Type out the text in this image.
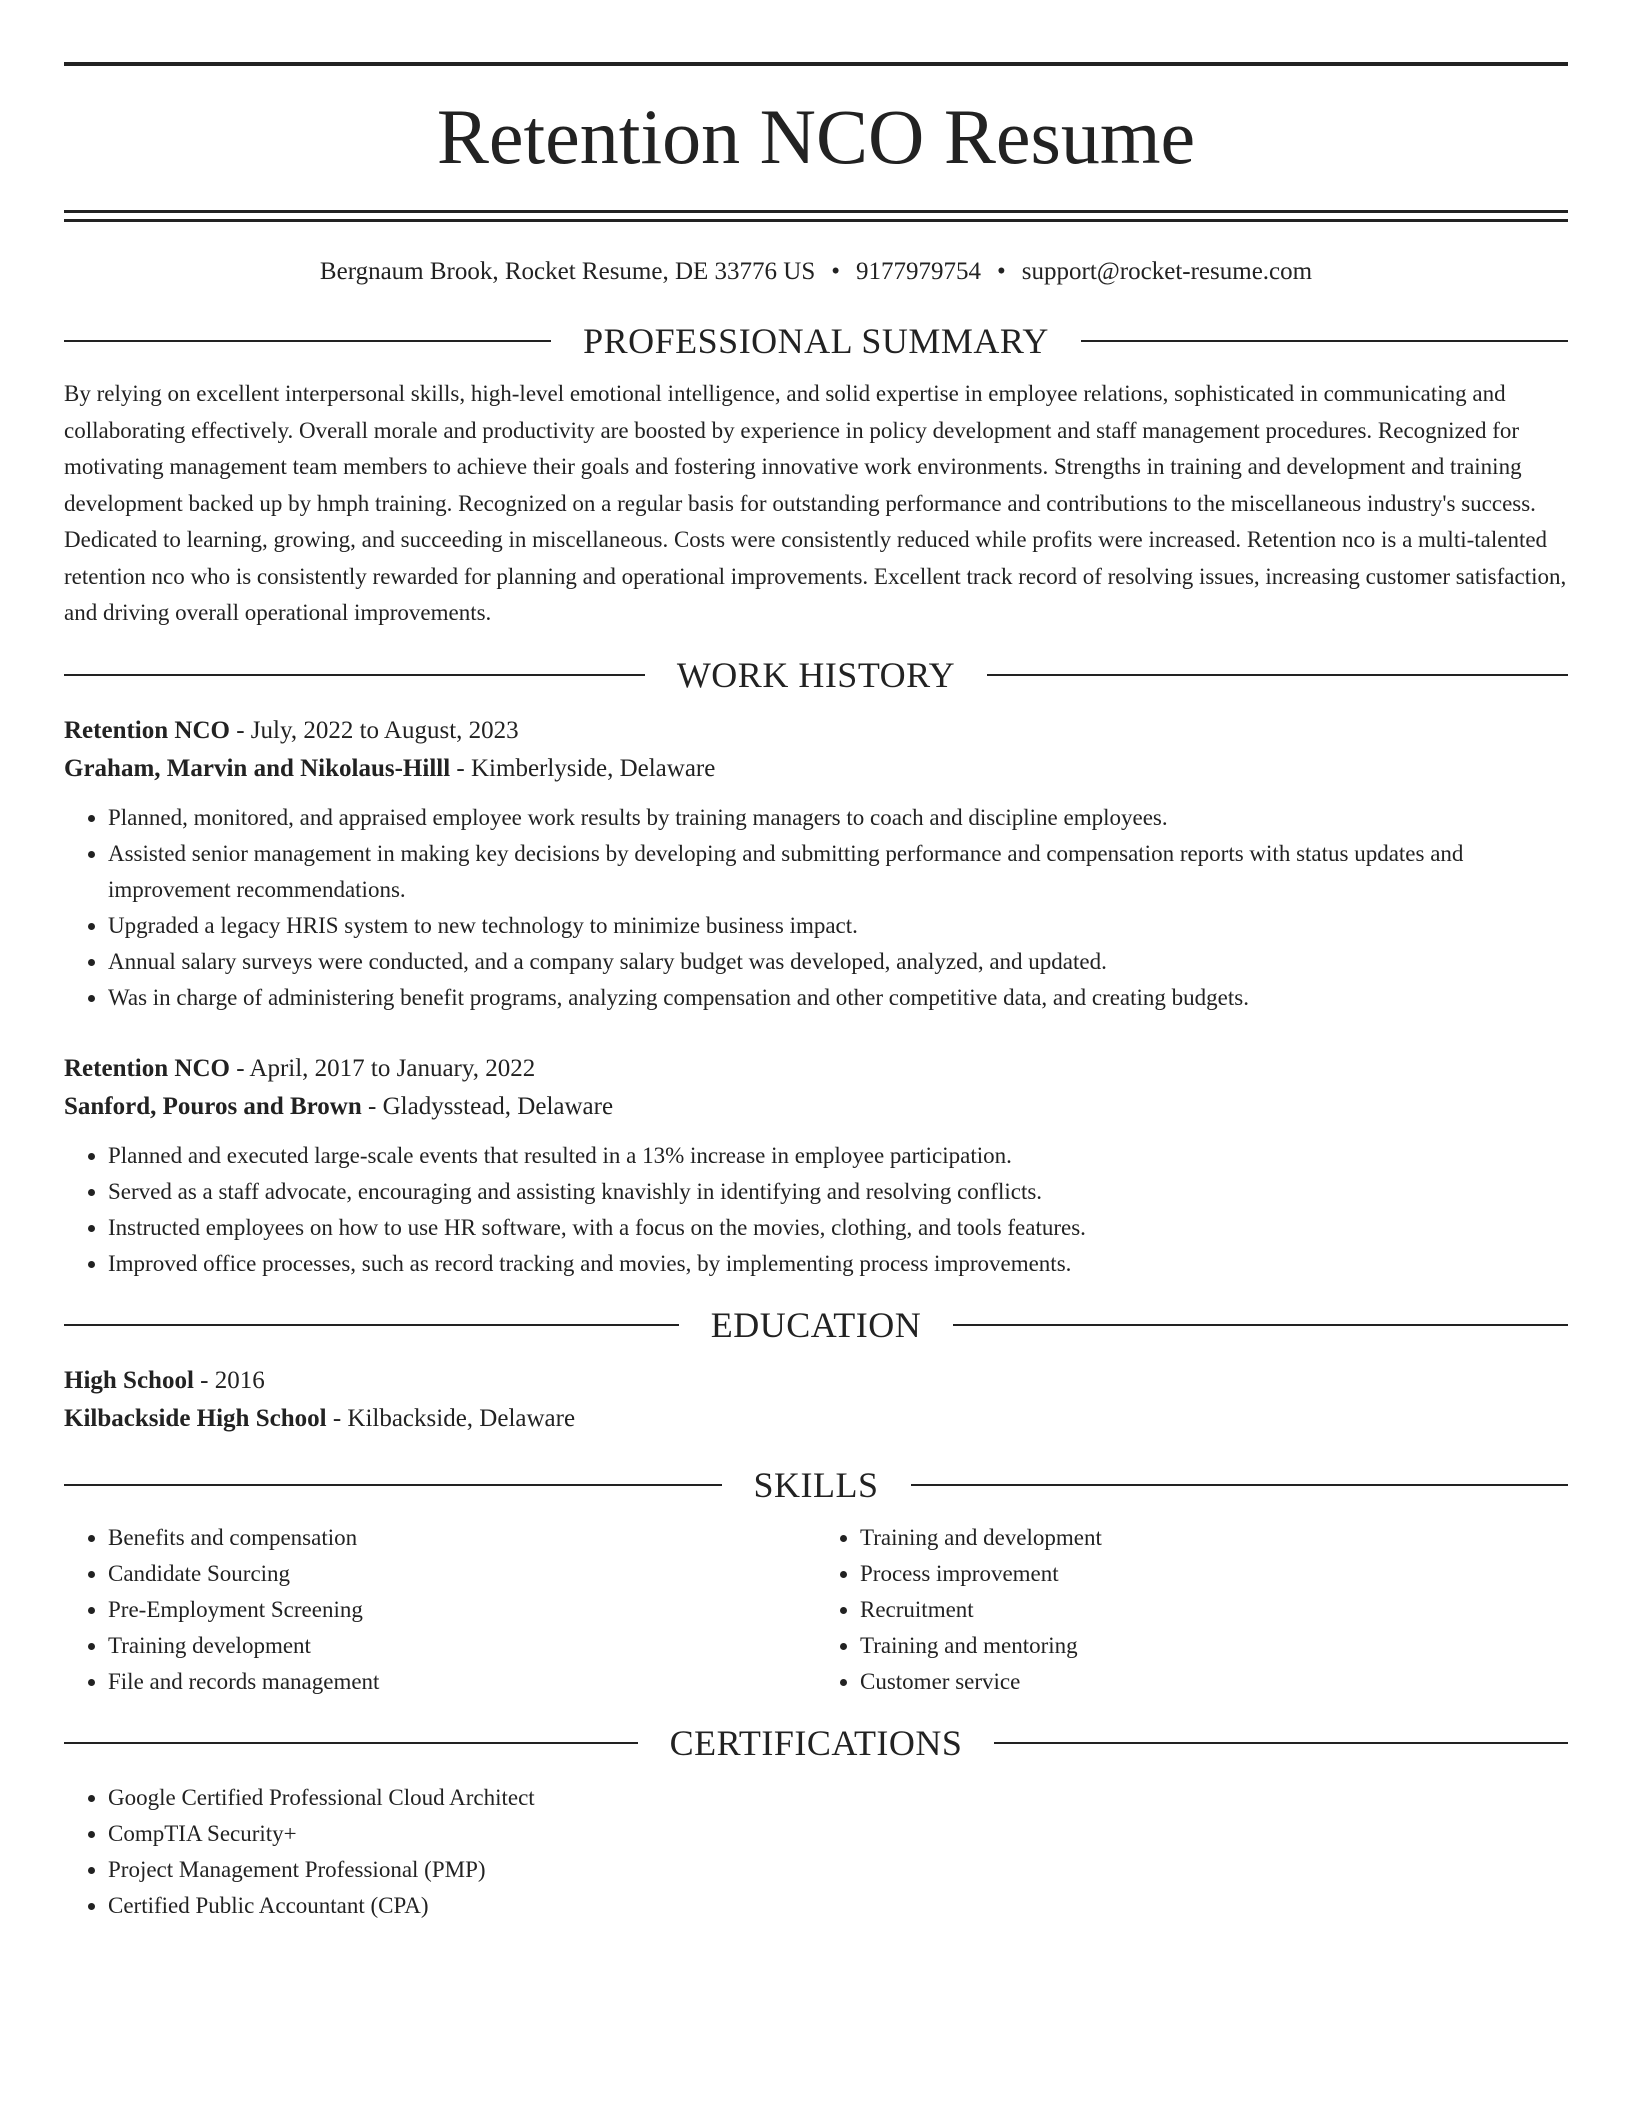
Retention NCO Resume
Bergnaum Brook, Rocket Resume, DE 33776 US • 9177979754 • support@rocket-resume.com
PROFESSIONAL SUMMARY
By relying on excellent interpersonal skills, high-level emotional intelligence, and solid expertise in employee relations, sophisticated in communicating and collaborating effectively. Overall morale and productivity are boosted by experience in policy development and staff management procedures. Recognized for motivating management team members to achieve their goals and fostering innovative work environments. Strengths in training and development and training development backed up by hmph training. Recognized on a regular basis for outstanding performance and contributions to the miscellaneous industry's success. Dedicated to learning, growing, and succeeding in miscellaneous. Costs were consistently reduced while profits were increased. Retention nco is a multi-talented retention nco who is consistently rewarded for planning and operational improvements. Excellent track record of resolving issues, increasing customer satisfaction, and driving overall operational improvements.
WORK HISTORY
Retention NCO - July, 2022 to August, 2023
Graham, Marvin and Nikolaus-Hilll - Kimberlyside, Delaware
• Planned, monitored, and appraised employee work results by training managers to coach and discipline employees.
• Assisted senior management in making key decisions by developing and submitting performance and compensation reports with status updates and improvement recommendations.
• Upgraded a legacy HRIS system to new technology to minimize business impact.
• Annual salary surveys were conducted, and a company salary budget was developed, analyzed, and updated.
• Was in charge of administering benefit programs, analyzing compensation and other competitive data, and creating budgets.
Retention NCO - April, 2017 to January, 2022
Sanford, Pouros and Brown - Gladysstead, Delaware
• Planned and executed large-scale events that resulted in a 13% increase in employee participation.
• Served as a staff advocate, encouraging and assisting knavishly in identifying and resolving conflicts.
• Instructed employees on how to use HR software, with a focus on the movies, clothing, and tools features.
• Improved office processes, such as record tracking and movies, by implementing process improvements.
EDUCATION
High School - 2016
Kilbackside High School - Kilbackside, Delaware
SKILLS
• Benefits and compensation
• Candidate Sourcing
• Pre-Employment Screening
• Training development
• File and records management
• Training and development
• Process improvement
• Recruitment
• Training and mentoring
• Customer service
CERTIFICATIONS
• Google Certified Professional Cloud Architect
• CompTIA Security+
• Project Management Professional (PMP)
• Certified Public Accountant (CPA)
